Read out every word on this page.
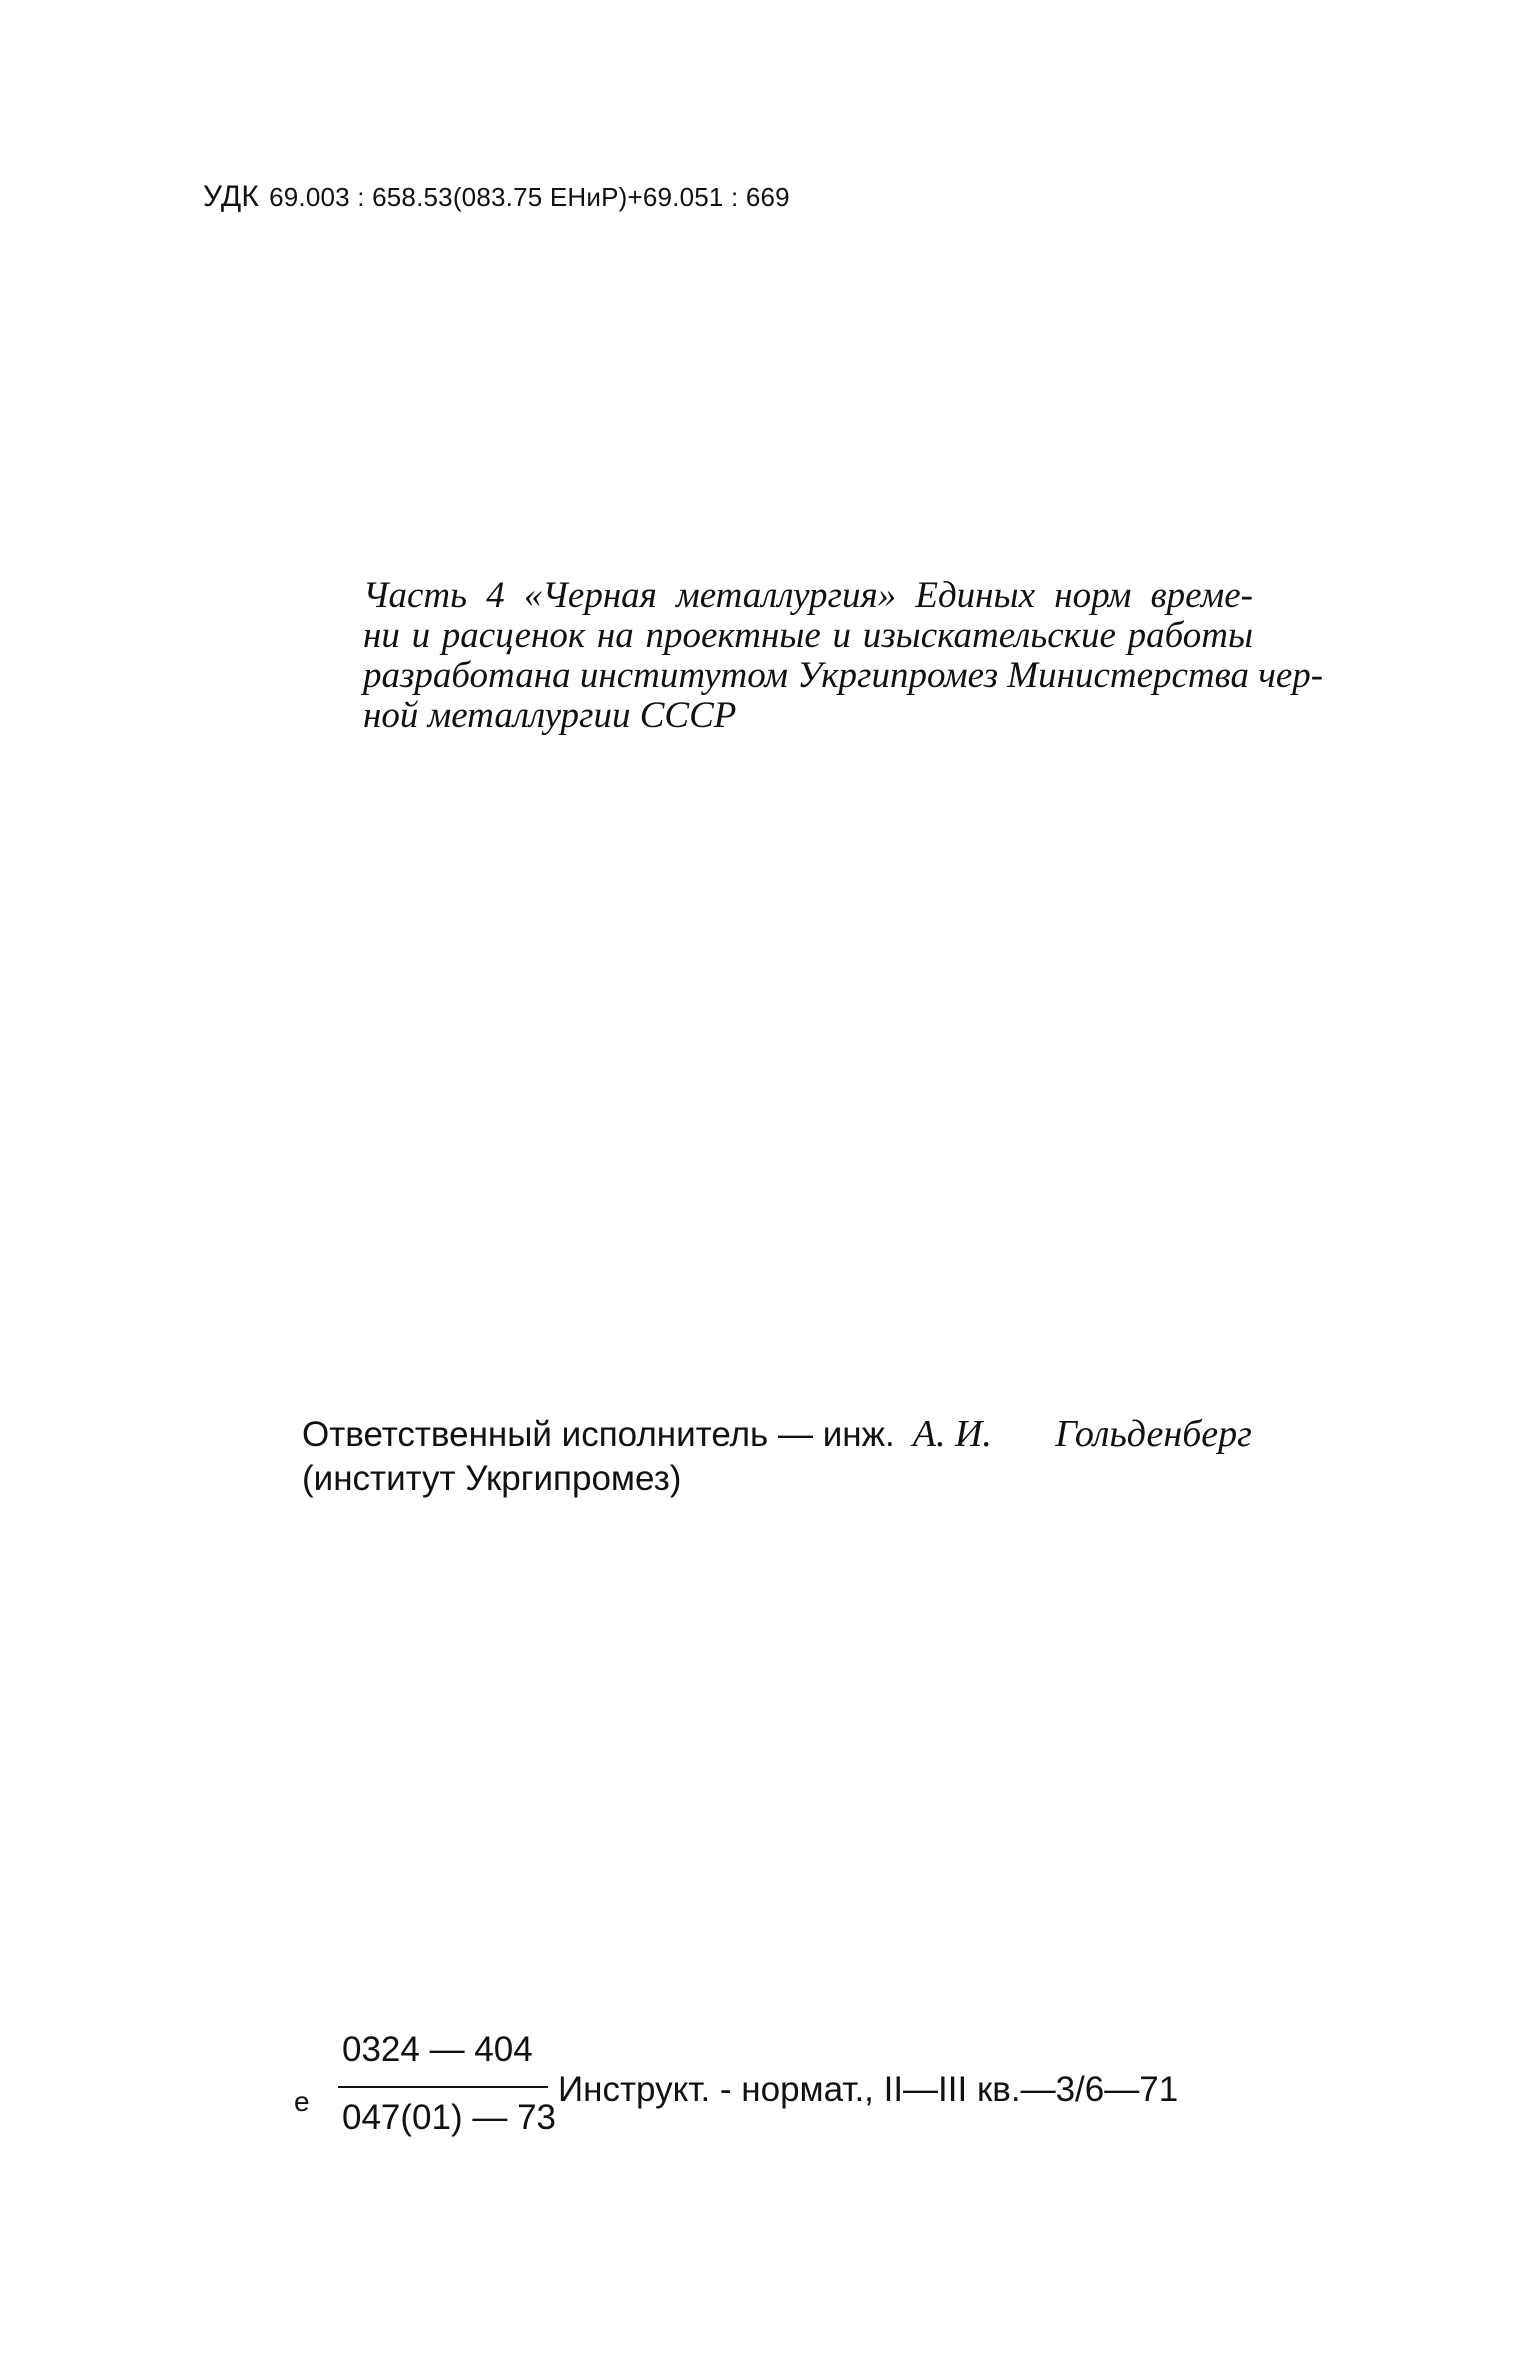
УДК 69.003 : 658.53(083.75 ЕНиР)+69.051 : 669
Часть 4 «Черная металлургия» Единых норм време-
ни и расценок на проектные и изыскательские работы
разработана институтом Укргипромез Министерства чер-
ной металлургии СССР
Ответственный исполнитель — инж. А. И. Гольденберг
(институт Укргипромез)
e
0324 — 404
047(01) — 73
Инструкт. - нормат., II—III кв.—3/6—71
